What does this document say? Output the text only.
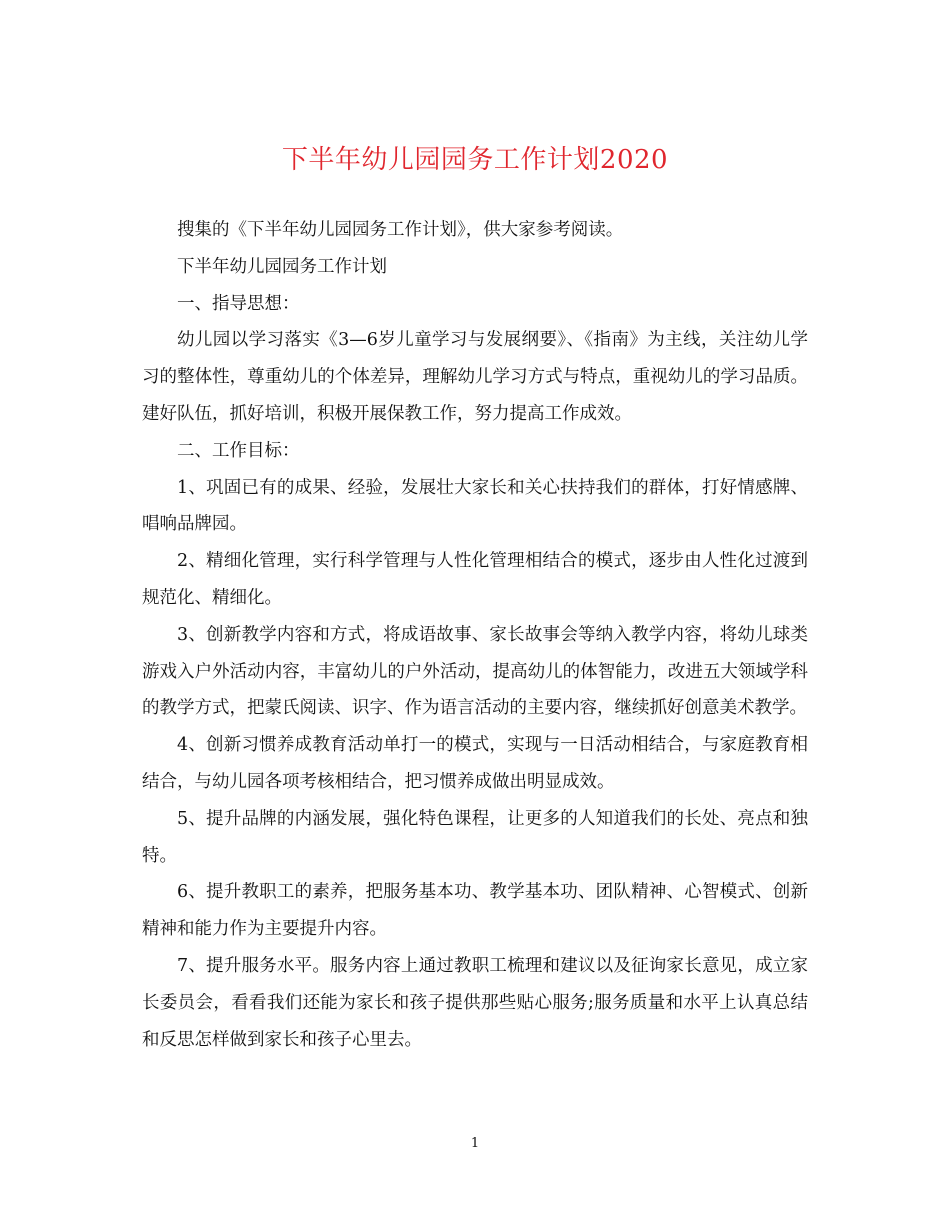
下半年幼儿园园务工作计划2020

搜集的《下半年幼儿园园务工作计划》，供大家参考阅读。

下半年幼儿园园务工作计划

一、指导思想：

幼儿园以学习落实《3—6岁儿童学习与发展纲要》、《指南》为主线，关注幼儿学习的整体性，尊重幼儿的个体差异，理解幼儿学习方式与特点，重视幼儿的学习品质。建好队伍，抓好培训，积极开展保教工作，努力提高工作成效。

二、工作目标：

1、巩固已有的成果、经验，发展壮大家长和关心扶持我们的群体，打好情感牌、唱响品牌园。

2、精细化管理，实行科学管理与人性化管理相结合的模式，逐步由人性化过渡到规范化、精细化。

3、创新教学内容和方式，将成语故事、家长故事会等纳入教学内容，将幼儿球类游戏入户外活动内容，丰富幼儿的户外活动，提高幼儿的体智能力，改进五大领域学科的教学方式，把蒙氏阅读、识字、作为语言活动的主要内容，继续抓好创意美术教学。

4、创新习惯养成教育活动单打一的模式，实现与一日活动相结合，与家庭教育相结合，与幼儿园各项考核相结合，把习惯养成做出明显成效。

5、提升品牌的内涵发展，强化特色课程，让更多的人知道我们的长处、亮点和独特。

6、提升教职工的素养，把服务基本功、教学基本功、团队精神、心智模式、创新精神和能力作为主要提升内容。

7、提升服务水平。服务内容上通过教职工梳理和建议以及征询家长意见，成立家长委员会，看看我们还能为家长和孩子提供那些贴心服务;服务质量和水平上认真总结和反思怎样做到家长和孩子心里去。

1
